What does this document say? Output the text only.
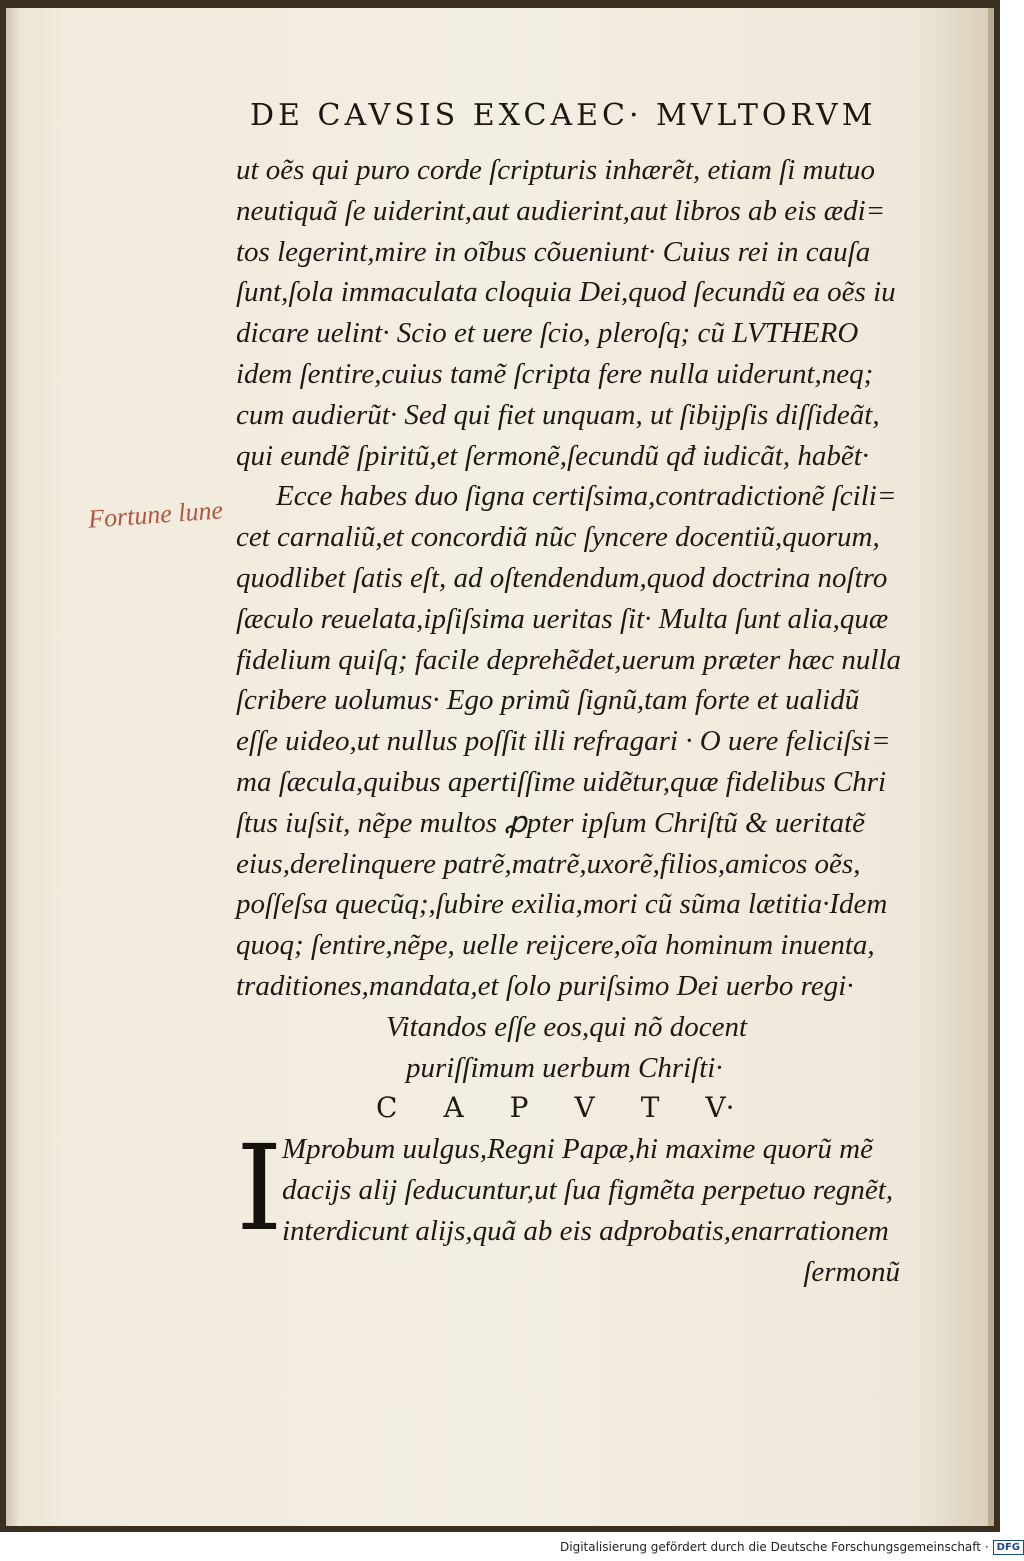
DE CAVSIS EXCAEC· MVLTORVM
Fortune lune
ut oẽs qui puro corde ſcripturis inhærẽt, etiam ſi mutuo
neutiquã ſe uiderint,aut audierint,aut libros ab eis ædi=
tos legerint,mire in oĩbus cõueniunt· Cuius rei in cauſa
ſunt,ſola immaculata cloquia Dei,quod ſecundũ ea oẽs iu
dicare uelint· Scio et uere ſcio, pleroſq; cũ LVTHERO
idem ſentire,cuius tamẽ ſcripta fere nulla uiderunt,neq;
cum audierũt· Sed qui fiet unquam, ut ſibijpſis diſſideãt,
qui eundẽ ſpiritũ,et ſermonẽ,ſecundũ qđ iudicãt, habẽt·
Ecce habes duo ſigna certiſsima,contradictionẽ ſcili=
cet carnaliũ,et concordiã nũc ſyncere docentiũ,quorum,
quodlibet ſatis eſt, ad oſtendendum,quod doctrina noſtro
ſæculo reuelata,ipſiſsima ueritas ſit· Multa ſunt alia,quæ
fidelium quiſq; facile deprehẽdet,uerum præter hæc nulla
ſcribere uolumus· Ego primũ ſignũ,tam forte et ualidũ
eſſe uideo,ut nullus poſſit illi refragari · O uere feliciſsi=
ma ſæcula,quibus apertiſſime uidẽtur,quæ fidelibus Chri
ſtus iuſsit, nẽpe multos ꝓpter ipſum Chriſtũ & ueritatẽ
eius,derelinquere patrẽ,matrẽ,uxorẽ,filios,amicos oẽs,
poſſeſsa quecũq;,ſubire exilia,mori cũ sũma lætitia·Idem
quoq; ſentire,nẽpe, uelle reijcere,oĩa hominum inuenta,
traditiones,mandata,et ſolo puriſsimo Dei uerbo regi·
Vitandos eſſe eos,qui nõ docent
puriſſimum uerbum Chriſti·
C A P V T V·
I Mprobum uulgus,Regni Papæ,hi maxime quorũ mẽ
dacijs alij ſeducuntur,ut ſua figmẽta perpetuo regnẽt,
interdicunt alijs,quã ab eis adprobatis,enarrationem
ſermonũ
Digitalisierung gefördert durch die Deutsche Forschungsgemeinschaft · DFG
